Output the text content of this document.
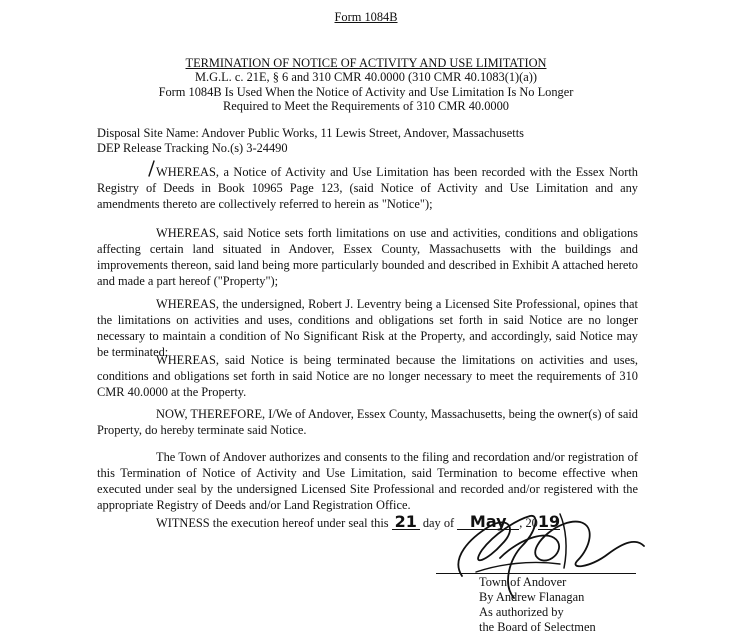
Form 1084B
TERMINATION OF NOTICE OF ACTIVITY AND USE LIMITATION
M.G.L. c. 21E, § 6 and 310 CMR 40.0000 (310 CMR 40.1083(1)(a))
Form 1084B Is Used When the Notice of Activity and Use Limitation Is No Longer
Required to Meet the Requirements of 310 CMR 40.0000
Disposal Site Name: Andover Public Works, 11 Lewis Street, Andover, Massachusetts
DEP Release Tracking No.(s) 3-24490
WHEREAS, a Notice of Activity and Use Limitation has been recorded with the Essex North Registry of Deeds in Book 10965 Page 123, (said Notice of Activity and Use Limitation and any amendments thereto are collectively referred to herein as "Notice");
WHEREAS, said Notice sets forth limitations on use and activities, conditions and obligations affecting certain land situated in Andover, Essex County, Massachusetts with the buildings and improvements thereon, said land being more particularly bounded and described in Exhibit A attached hereto and made a part hereof ("Property");
WHEREAS, the undersigned, Robert J. Leventry being a Licensed Site Professional, opines that the limitations on activities and uses, conditions and obligations set forth in said Notice are no longer necessary to maintain a condition of No Significant Risk at the Property, and accordingly, said Notice may be terminated;
WHEREAS, said Notice is being terminated because the limitations on activities and uses, conditions and obligations set forth in said Notice are no longer necessary to meet the requirements of 310 CMR 40.0000 at the Property.
NOW, THEREFORE, I/We of Andover, Essex County, Massachusetts, being the owner(s) of said Property, do hereby terminate said Notice.
The Town of Andover authorizes and consents to the filing and recordation and/or registration of this Termination of Notice of Activity and Use Limitation, said Termination to become effective when executed under seal by the undersigned Licensed Site Professional and recorded and/or registered with the appropriate Registry of Deeds and/or Land Registration Office.
WITNESS the execution hereof under seal this 21 day of May , 2019
Town of Andover
By Andrew Flanagan
As authorized by
the Board of Selectmen
